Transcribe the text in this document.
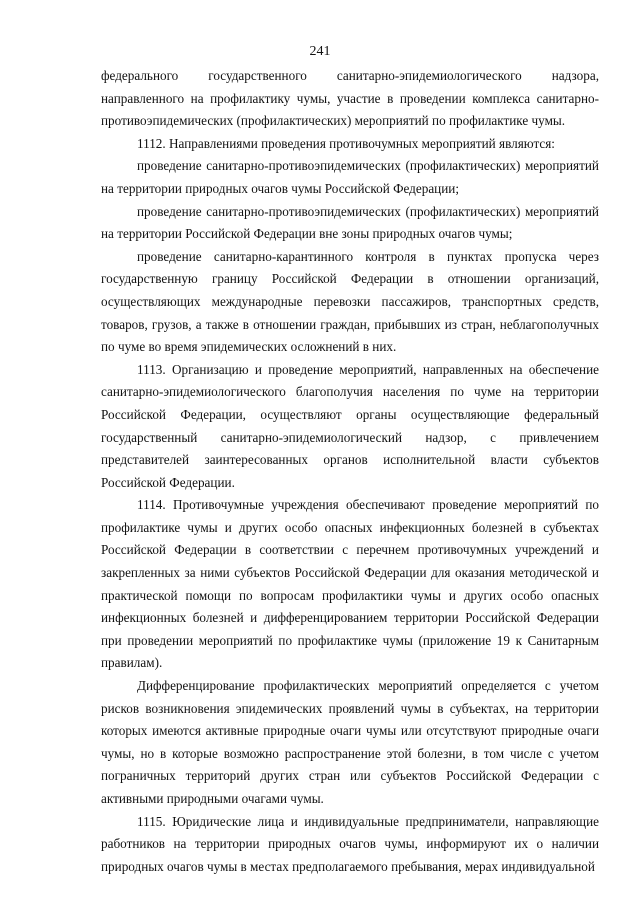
241

федерального государственного санитарно-эпидемиологического надзора, направленного на профилактику чумы, участие в проведении комплекса санитарно-противоэпидемических (профилактических) мероприятий по профилактике чумы.

1112. Направлениями проведения противочумных мероприятий являются:

проведение санитарно-противоэпидемических (профилактических) мероприятий на территории природных очагов чумы Российской Федерации;

проведение санитарно-противоэпидемических (профилактических) мероприятий на территории Российской Федерации вне зоны природных очагов чумы;

проведение санитарно-карантинного контроля в пунктах пропуска через государственную границу Российской Федерации в отношении организаций, осуществляющих международные перевозки пассажиров, транспортных средств, товаров, грузов, а также в отношении граждан, прибывших из стран, неблагополучных по чуме во время эпидемических осложнений в них.

1113. Организацию и проведение мероприятий, направленных на обеспечение санитарно-эпидемиологического благополучия населения по чуме на территории Российской Федерации, осуществляют органы осуществляющие федеральный государственный санитарно-эпидемиологический надзор, с привлечением представителей заинтересованных органов исполнительной власти субъектов Российской Федерации.

1114. Противочумные учреждения обеспечивают проведение мероприятий по профилактике чумы и других особо опасных инфекционных болезней в субъектах Российской Федерации в соответствии с перечнем противочумных учреждений и закрепленных за ними субъектов Российской Федерации для оказания методической и практической помощи по вопросам профилактики чумы и других особо опасных инфекционных болезней и дифференцированием территории Российской Федерации при проведении мероприятий по профилактике чумы (приложение 19 к Санитарным правилам).

Дифференцирование профилактических мероприятий определяется с учетом рисков возникновения эпидемических проявлений чумы в субъектах, на территории которых имеются активные природные очаги чумы или отсутствуют природные очаги чумы, но в которые возможно распространение этой болезни, в том числе с учетом пограничных территорий других стран или субъектов Российской Федерации с активными природными очагами чумы.

1115. Юридические лица и индивидуальные предприниматели, направляющие работников на территории природных очагов чумы, информируют их о наличии природных очагов чумы в местах предполагаемого пребывания, мерах индивидуальной
